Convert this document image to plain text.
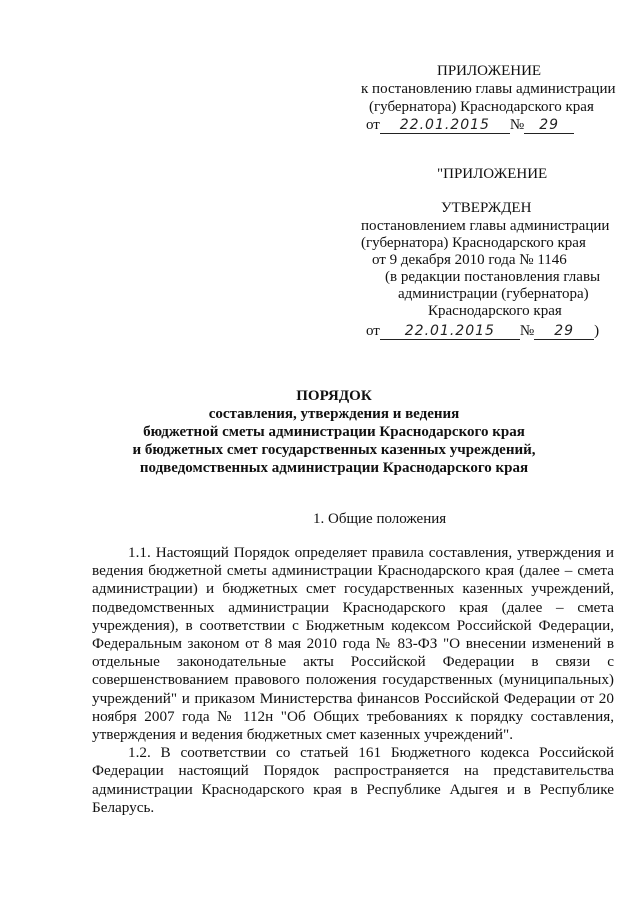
ПРИЛОЖЕНИЕ
к постановлению главы администрации
(губернатора) Краснодарского края
от 22.01.2015 № 29
"ПРИЛОЖЕНИЕ
УТВЕРЖДЕН
постановлением главы администрации
(губернатора) Краснодарского края
от 9 декабря 2010 года № 1146
(в редакции постановления главы
администрации (губернатора)
Краснодарского края
от 22.01.2015 № 29 )
ПОРЯДОК
составления, утверждения и ведения
бюджетной сметы администрации Краснодарского края
и бюджетных смет государственных казенных учреждений,
подведомственных администрации Краснодарского края
1. Общие положения

1.1. Настоящий Порядок определяет правила составления, утверждения и ведения бюджетной сметы администрации Краснодарского края (далее – смета администрации) и бюджетных смет государственных казенных учреждений, подведомственных администрации Краснодарского края (далее – смета учреждения), в соответствии с Бюджетным кодексом Российской Федерации, Федеральным законом от 8 мая 2010 года № 83-ФЗ "О внесении изменений в отдельные законодательные акты Российской Федерации в связи с совершенствованием правового положения государственных (муниципальных) учреждений" и приказом Министерства финансов Российской Федерации от 20 ноября 2007 года № 112н "Об Общих требованиях к порядку составления, утверждения и ведения бюджетных смет казенных учреждений".

1.2. В соответствии со статьей 161 Бюджетного кодекса Российской Федерации настоящий Порядок распространяется на представительства администрации Краснодарского края в Республике Адыгея и в Республике Беларусь.
